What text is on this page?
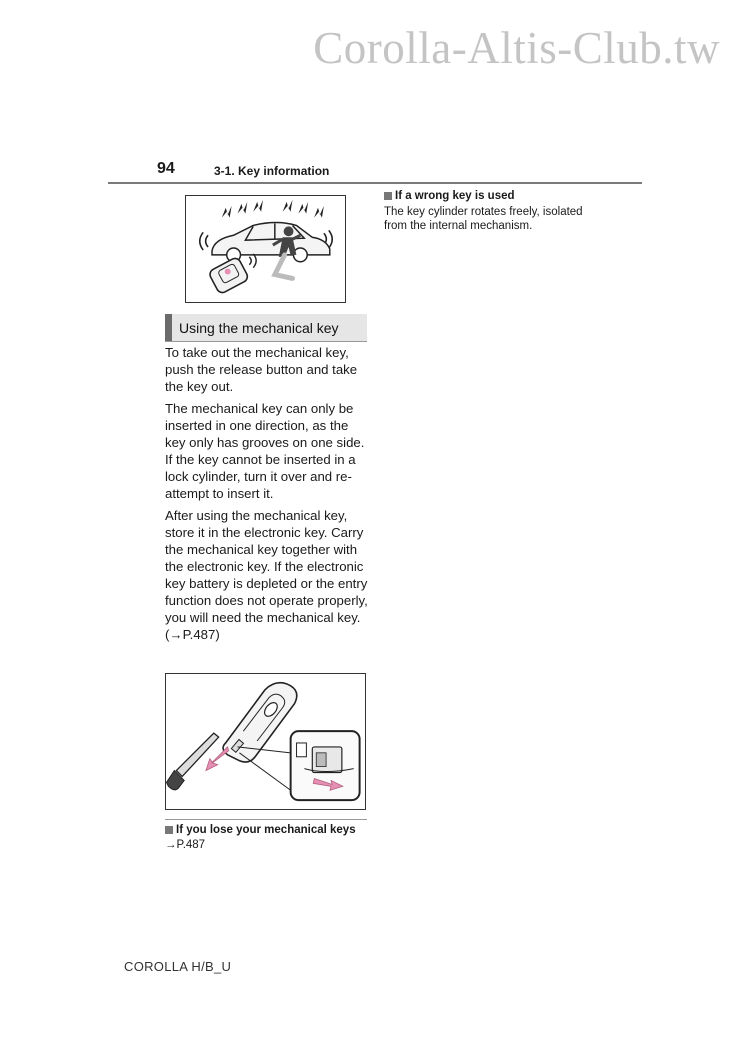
Corolla-Altis-Club.tw
94	3-1. Key information
Using the mechanical key

To take out the mechanical key, push the release button and take the key out.

The mechanical key can only be inserted in one direction, as the key only has grooves on one side. If the key cannot be inserted in a lock cylinder, turn it over and re-attempt to insert it.

After using the mechanical key, store it in the electronic key. Carry the mechanical key together with the electronic key. If the electronic key battery is depleted or the entry function does not operate properly, you will need the mechanical key.
(→P.487)

If you lose your mechanical keys
→P.487
If a wrong key is used
The key cylinder rotates freely, isolated from the internal mechanism.
COROLLA H/B_U
